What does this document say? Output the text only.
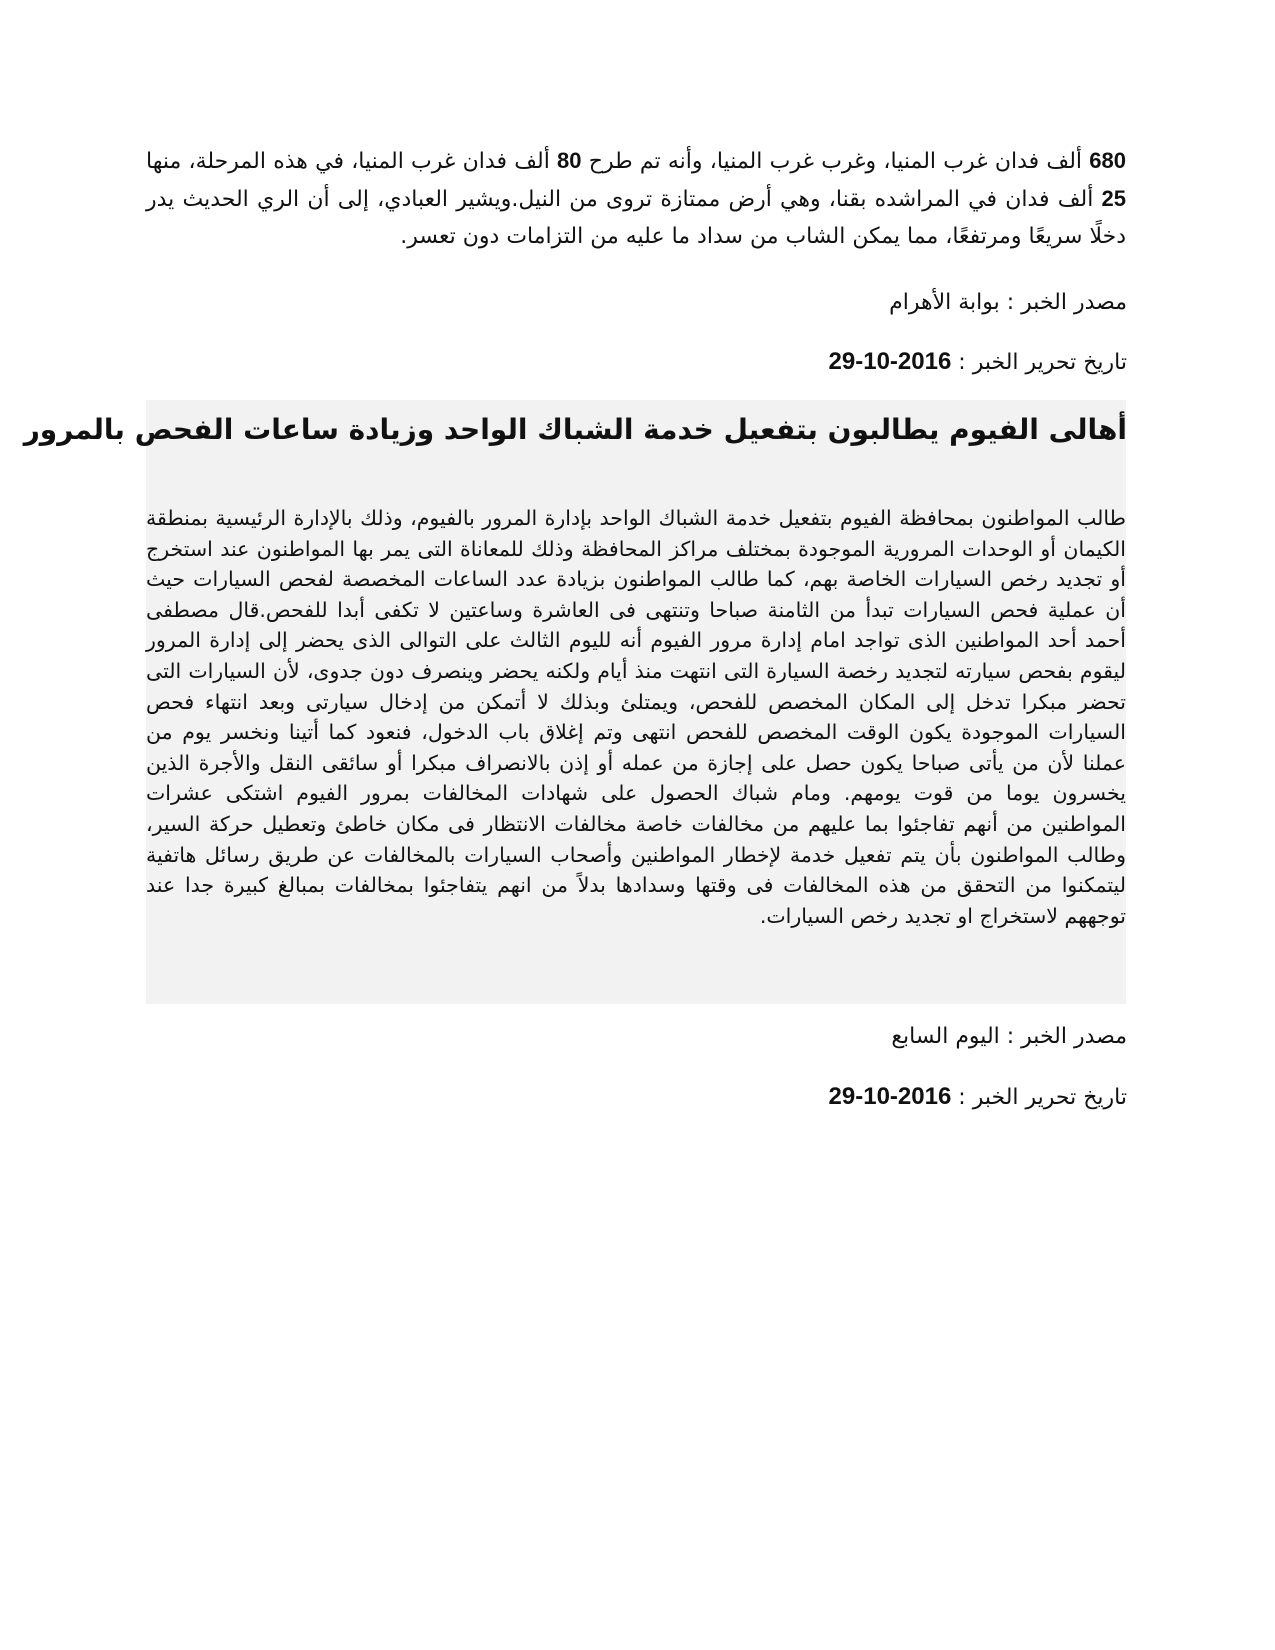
680 ألف فدان غرب المنيا، وغرب غرب المنيا، وأنه تم طرح 80 ألف فدان غرب المنيا، في هذه المرحلة، منها 25 ألف فدان في المراشده بقنا، وهي أرض ممتازة تروى من النيل.ويشير العبادي، إلى أن الري الحديث يدر دخلًا سريعًا ومرتفعًا، مما يمكن الشاب من سداد ما عليه من التزامات دون تعسر.

مصدر الخبر : بوابة الأهرام
تاريخ تحرير الخبر : 2016-10-29
أهالى الفيوم يطالبون بتفعيل خدمة الشباك الواحد وزيادة ساعات الفحص بالمرور

طالب المواطنون بمحافظة الفيوم بتفعيل خدمة الشباك الواحد بإدارة المرور بالفيوم، وذلك بالإدارة الرئيسية بمنطقة الكيمان أو الوحدات المرورية الموجودة بمختلف مراكز المحافظة وذلك للمعاناة التى يمر بها المواطنون عند استخرج أو تجديد رخص السيارات الخاصة بهم، كما طالب المواطنون بزيادة عدد الساعات المخصصة لفحص السيارات حيث أن عملية فحص السيارات تبدأ من الثامنة صباحا وتنتهى فى العاشرة وساعتين لا تكفى أبدا للفحص.قال مصطفى أحمد أحد المواطنين الذى تواجد امام إدارة مرور الفيوم أنه لليوم الثالث على التوالى الذى يحضر إلى إدارة المرور ليقوم بفحص سيارته لتجديد رخصة السيارة التى انتهت منذ أيام ولكنه يحضر وينصرف دون جدوى، لأن السيارات التى تحضر مبكرا تدخل إلى المكان المخصص للفحص، ويمتلئ وبذلك لا أتمكن من إدخال سيارتى وبعد انتهاء فحص السيارات الموجودة يكون الوقت المخصص للفحص انتهى وتم إغلاق باب الدخول، فنعود كما أتينا ونخسر يوم من عملنا لأن من يأتى صباحا يكون حصل على إجازة من عمله أو إذن بالانصراف مبكرا أو سائقى النقل والأجرة الذين يخسرون يوما من قوت يومهم. ومام شباك الحصول على شهادات المخالفات بمرور الفيوم اشتكى عشرات المواطنين من أنهم تفاجئوا بما عليهم من مخالفات خاصة مخالفات الانتظار فى مكان خاطئ وتعطيل حركة السير، وطالب المواطنون بأن يتم تفعيل خدمة لإخطار المواطنين وأصحاب السيارات بالمخالفات عن طريق رسائل هاتفية ليتمكنوا من التحقق من هذه المخالفات فى وقتها وسدادها بدلاً من انهم يتفاجئوا بمخالفات بمبالغ كبيرة جدا عند توجههم لاستخراج او تجديد رخص السيارات.

مصدر الخبر : اليوم السابع
تاريخ تحرير الخبر : 2016-10-29
